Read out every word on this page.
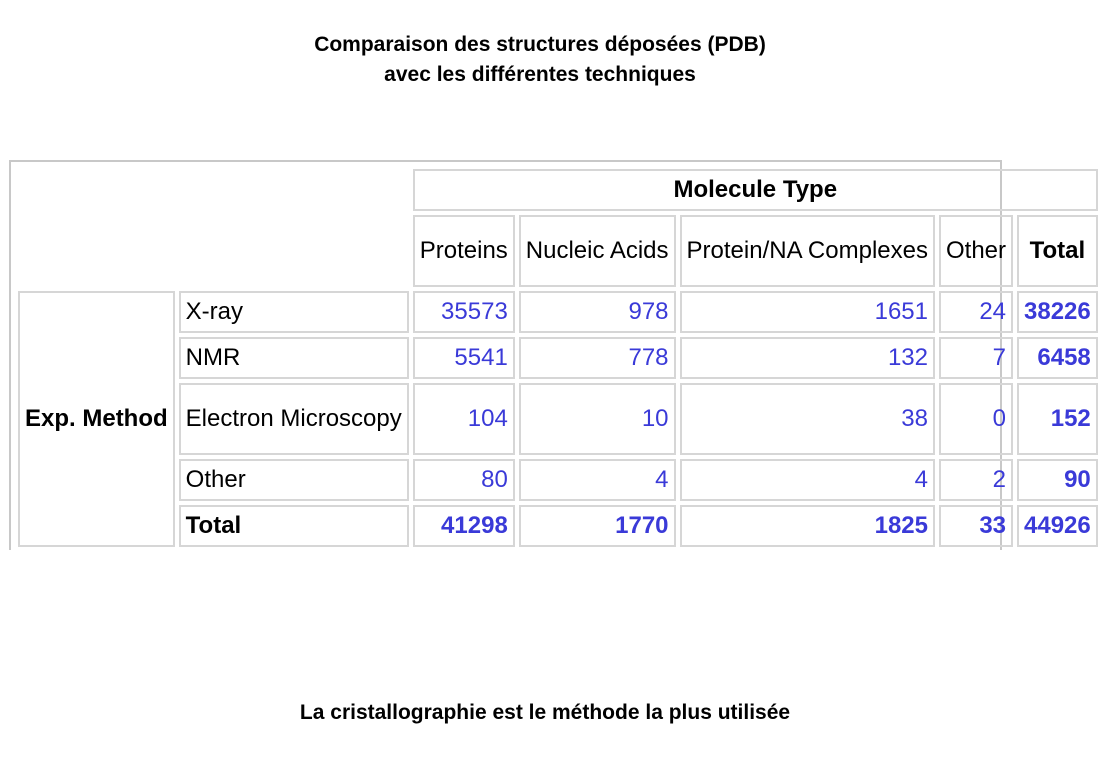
Comparaison des structures déposées (PDB)
avec les différentes techniques
		Molecule Type				
		Proteins	Nucleic Acids	Protein/NA Complexes	Other	Total
Exp. Method	X-ray	35573	978	1651	24	38226
	NMR	5541	778	132	7	6458
	Electron Microscopy	104	10	38	0	152
	Other	80	4	4	2	90
	Total	41298	1770	1825	33	44926
La cristallographie est le méthode la plus utilisée
